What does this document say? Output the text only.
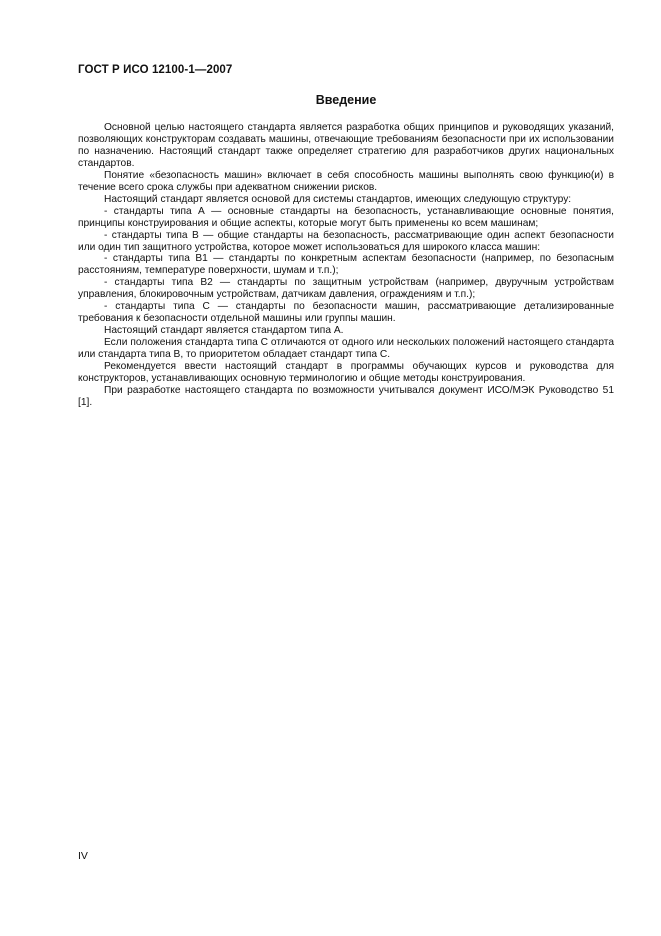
ГОСТ Р ИСО 12100-1—2007
Введение

Основной целью настоящего стандарта является разработка общих принципов и руководящих указаний, позволяющих конструкторам создавать машины, отвечающие требованиям безопасности при их использовании по назначению. Настоящий стандарт также определяет стратегию для разработчиков других национальных стандартов.

Понятие «безопасность машин» включает в себя способность машины выполнять свою функцию(и) в течение всего срока службы при адекватном снижении рисков.

Настоящий стандарт является основой для системы стандартов, имеющих следующую структуру:

- стандарты типа А — основные стандарты на безопасность, устанавливающие основные понятия, принципы конструирования и общие аспекты, которые могут быть применены ко всем машинам;

- стандарты типа В — общие стандарты на безопасность, рассматривающие один аспект безопасности или один тип защитного устройства, которое может использоваться для широкого класса машин:

- стандарты типа В1 — стандарты по конкретным аспектам безопасности (например, по безопасным расстояниям, температуре поверхности, шумам и т.п.);

- стандарты типа В2 — стандарты по защитным устройствам (например, двуручным устройствам управления, блокировочным устройствам, датчикам давления, ограждениям и т.п.);

- стандарты типа С — стандарты по безопасности машин, рассматривающие детализированные требования к безопасности отдельной машины или группы машин.

Настоящий стандарт является стандартом типа А.

Если положения стандарта типа С отличаются от одного или нескольких положений настоящего стандарта или стандарта типа В, то приоритетом обладает стандарт типа С.

Рекомендуется ввести настоящий стандарт в программы обучающих курсов и руководства для конструкторов, устанавливающих основную терминологию и общие методы конструирования.

При разработке настоящего стандарта по возможности учитывался документ ИСО/МЭК Руководство 51 [1].

IV
